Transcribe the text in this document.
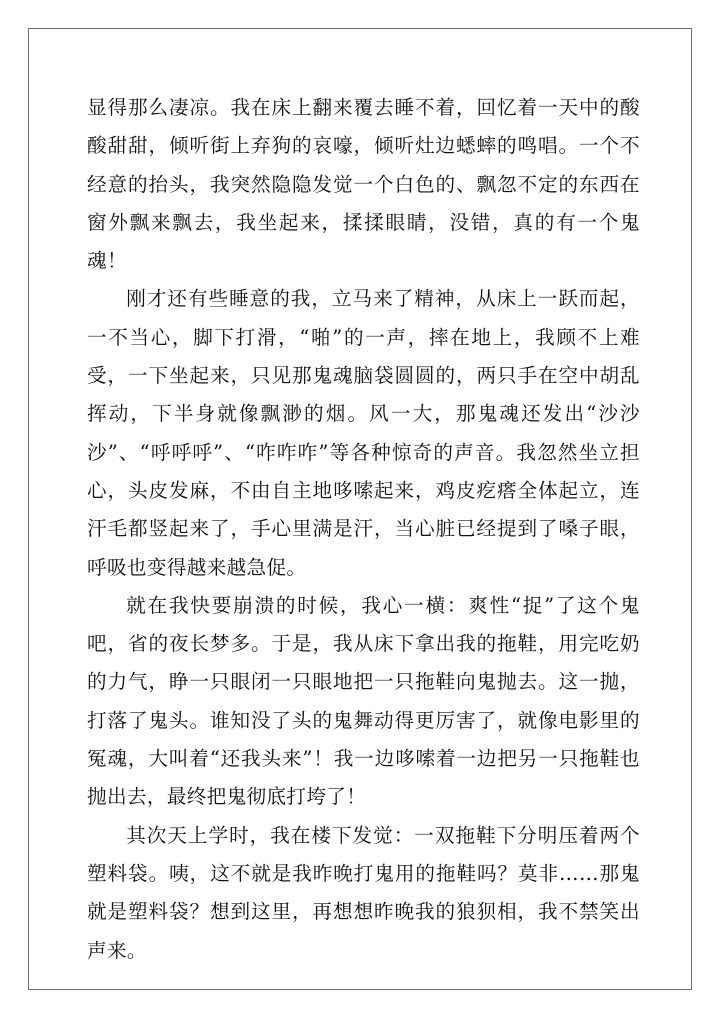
显得那么凄凉。我在床上翻来覆去睡不着，回忆着一天中的酸酸甜甜，倾听街上弃狗的哀嚎，倾听灶边蟋蟀的鸣唱。一个不经意的抬头，我突然隐隐发觉一个白色的、飘忽不定的东西在窗外飘来飘去，我坐起来，揉揉眼睛，没错，真的有一个鬼魂！

刚才还有些睡意的我，立马来了精神，从床上一跃而起，一不当心，脚下打滑，“啪”的一声，摔在地上，我顾不上难受，一下坐起来，只见那鬼魂脑袋圆圆的，两只手在空中胡乱挥动，下半身就像飘渺的烟。风一大，那鬼魂还发出“沙沙沙”、“呼呼呼”、“咋咋咋”等各种惊奇的声音。我忽然坐立担心，头皮发麻，不由自主地哆嗦起来，鸡皮疙瘩全体起立，连汗毛都竖起来了，手心里满是汗，当心脏已经提到了嗓子眼，呼吸也变得越来越急促。

就在我快要崩溃的时候，我心一横：爽性“捉”了这个鬼吧，省的夜长梦多。于是，我从床下拿出我的拖鞋，用完吃奶的力气，睁一只眼闭一只眼地把一只拖鞋向鬼抛去。这一抛，打落了鬼头。谁知没了头的鬼舞动得更厉害了，就像电影里的冤魂，大叫着“还我头来”！我一边哆嗦着一边把另一只拖鞋也抛出去，最终把鬼彻底打垮了！

其次天上学时，我在楼下发觉：一双拖鞋下分明压着两个塑料袋。咦，这不就是我昨晚打鬼用的拖鞋吗？莫非……那鬼就是塑料袋？想到这里，再想想昨晚我的狼狈相，我不禁笑出声来。
